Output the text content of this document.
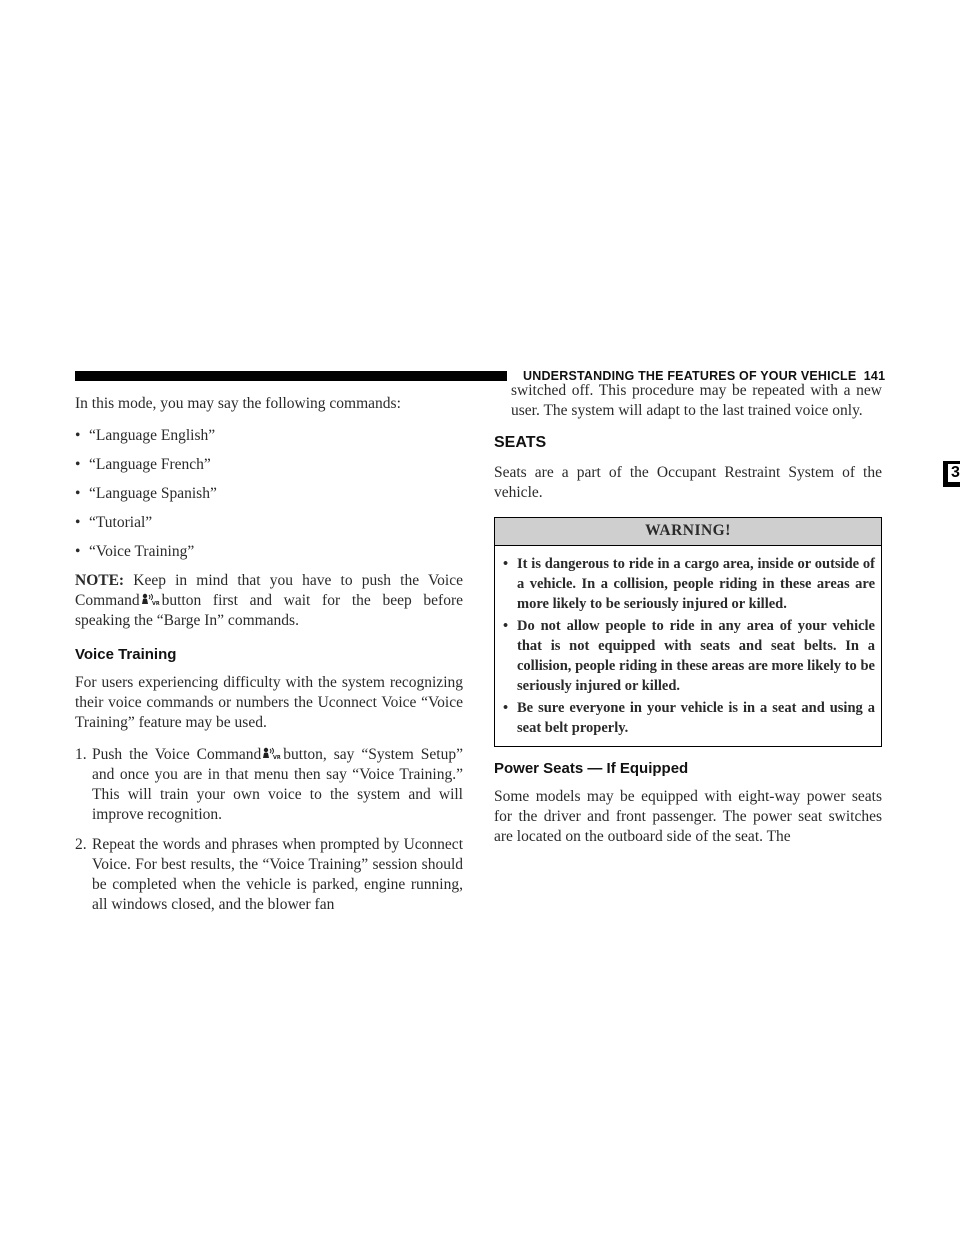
UNDERSTANDING THE FEATURES OF YOUR VEHICLE 141
3

In this mode, you may say the following commands:

• “Language English”
• “Language French”
• “Language Spanish”
• “Tutorial”
• “Voice Training”

NOTE: Keep in mind that you have to push the Voice Command VR button first and wait for the beep before speaking the “Barge In” commands.

Voice Training

For users experiencing difficulty with the system recognizing their voice commands or numbers the Uconnect Voice “Voice Training” feature may be used.

1. Push the Voice Command VR button, say “System Setup” and once you are in that menu then say “Voice Training.” This will train your own voice to the system and will improve recognition.
2. Repeat the words and phrases when prompted by Uconnect Voice. For best results, the “Voice Training” session should be completed when the vehicle is parked, engine running, all windows closed, and the blower fan

switched off. This procedure may be repeated with a new user. The system will adapt to the last trained voice only.

SEATS

Seats are a part of the Occupant Restraint System of the vehicle.

WARNING!
• It is dangerous to ride in a cargo area, inside or outside of a vehicle. In a collision, people riding in these areas are more likely to be seriously injured or killed.
• Do not allow people to ride in any area of your vehicle that is not equipped with seats and seat belts. In a collision, people riding in these areas are more likely to be seriously injured or killed.
• Be sure everyone in your vehicle is in a seat and using a seat belt properly.
Power Seats — If Equipped

Some models may be equipped with eight-way power seats for the driver and front passenger. The power seat switches are located on the outboard side of the seat. The
